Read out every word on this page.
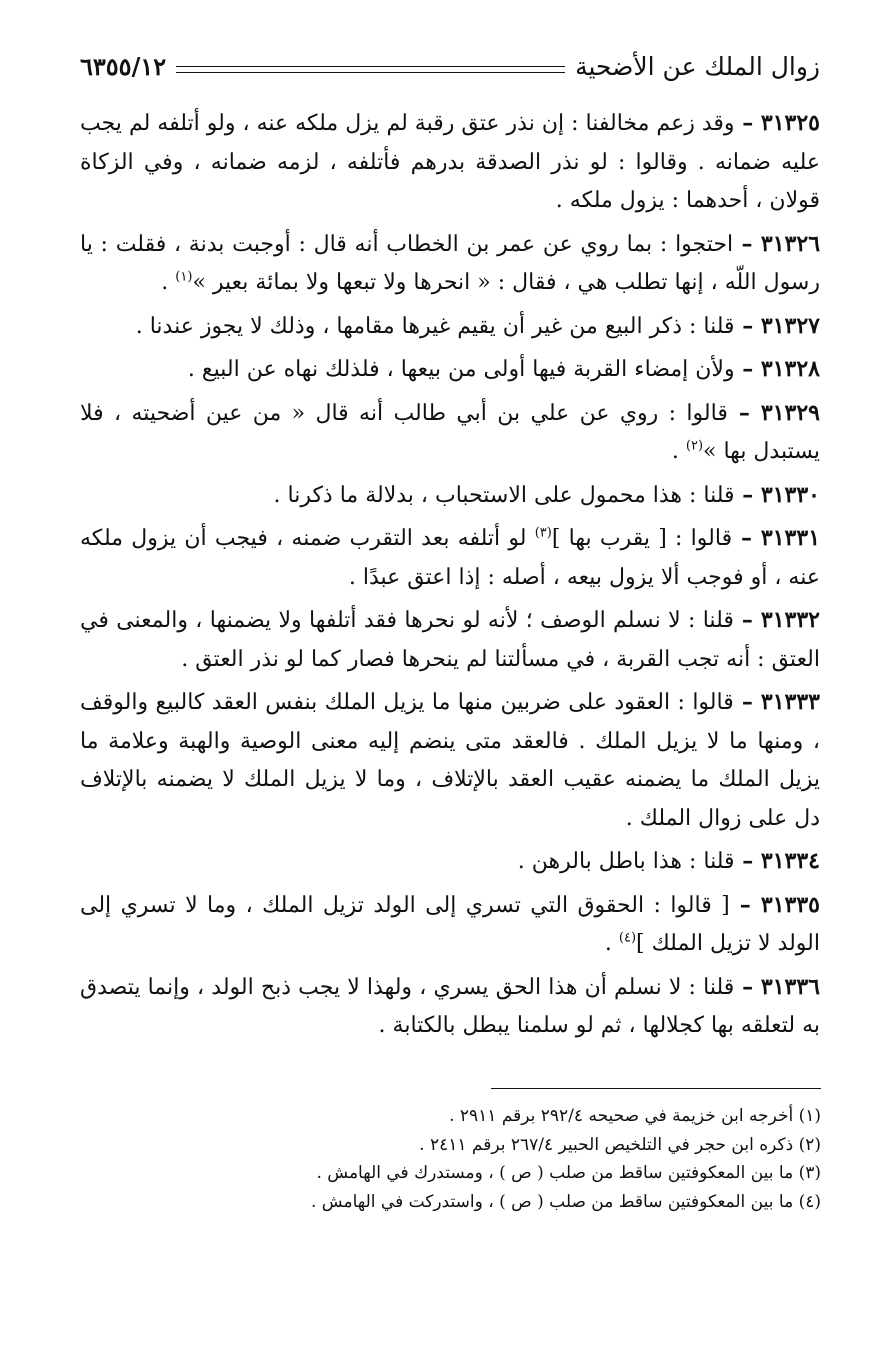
زوال الملك عن الأضحية
٦٣٥٥/١٢

٣١٣٢٥ – وقد زعم مخالفنا : إن نذر عتق رقبة لم يزل ملكه عنه ، ولو أتلفه لم يجب عليه ضمانه . وقالوا : لو نذر الصدقة بدرهم فأتلفه ، لزمه ضمانه ، وفي الزكاة قولان ، أحدهما : يزول ملكه .

٣١٣٢٦ – احتجوا : بما روي عن عمر بن الخطاب أنه قال : أوجبت بدنة ، فقلت : يا رسول اللّه ، إنها تطلب هي ، فقال : « انحرها ولا تبعها ولا بمائة بعير »$^{(١)}$ .

٣١٣٢٧ – قلنا : ذكر البيع من غير أن يقيم غيرها مقامها ، وذلك لا يجوز عندنا .

٣١٣٢٨ – ولأن إمضاء القربة فيها أولى من بيعها ، فلذلك نهاه عن البيع .

٣١٣٢٩ – قالوا : روي عن علي بن أبي طالب أنه قال « من عين أضحيته ، فلا يستبدل بها »$^{(٢)}$ .

٣١٣٣٠ – قلنا : هذا محمول على الاستحباب ، بدلالة ما ذكرنا .

٣١٣٣١ – قالوا : [ يقرب بها ]$^{(٣)}$ لو أتلفه بعد التقرب ضمنه ، فيجب أن يزول ملكه عنه ، أو فوجب ألا يزول بيعه ، أصله : إذا اعتق عبدًا .

٣١٣٣٢ – قلنا : لا نسلم الوصف ؛ لأنه لو نحرها فقد أتلفها ولا يضمنها ، والمعنى في العتق : أنه تجب القربة ، في مسألتنا لم ينحرها فصار كما لو نذر العتق .

٣١٣٣٣ – قالوا : العقود على ضربين منها ما يزيل الملك بنفس العقد كالبيع والوقف ، ومنها ما لا يزيل الملك . فالعقد متى ينضم إليه معنى الوصية والهبة وعلامة ما يزيل الملك ما يضمنه عقيب العقد بالإتلاف ، وما لا يزيل الملك لا يضمنه بالإتلاف دل على زوال الملك .

٣١٣٣٤ – قلنا : هذا باطل بالرهن .

٣١٣٣٥ – [ قالوا : الحقوق التي تسري إلى الولد تزيل الملك ، وما لا تسري إلى الولد لا تزيل الملك ]$^{(٤)}$ .

٣١٣٣٦ – قلنا : لا نسلم أن هذا الحق يسري ، ولهذا لا يجب ذبح الولد ، وإنما يتصدق به لتعلقه بها كجلالها ، ثم لو سلمنا يبطل بالكتابة .

(١) أخرجه ابن خزيمة في صحيحه ٢٩٢/٤ برقم ٢٩١١ .

(٢) ذكره ابن حجر في التلخيص الحبير ٢٦٧/٤ برقم ٢٤١١ .

(٣) ما بين المعكوفتين ساقط من صلب ( ص ) ، ومستدرك في الهامش .

(٤) ما بين المعكوفتين ساقط من صلب ( ص ) ، واستدركت في الهامش .
